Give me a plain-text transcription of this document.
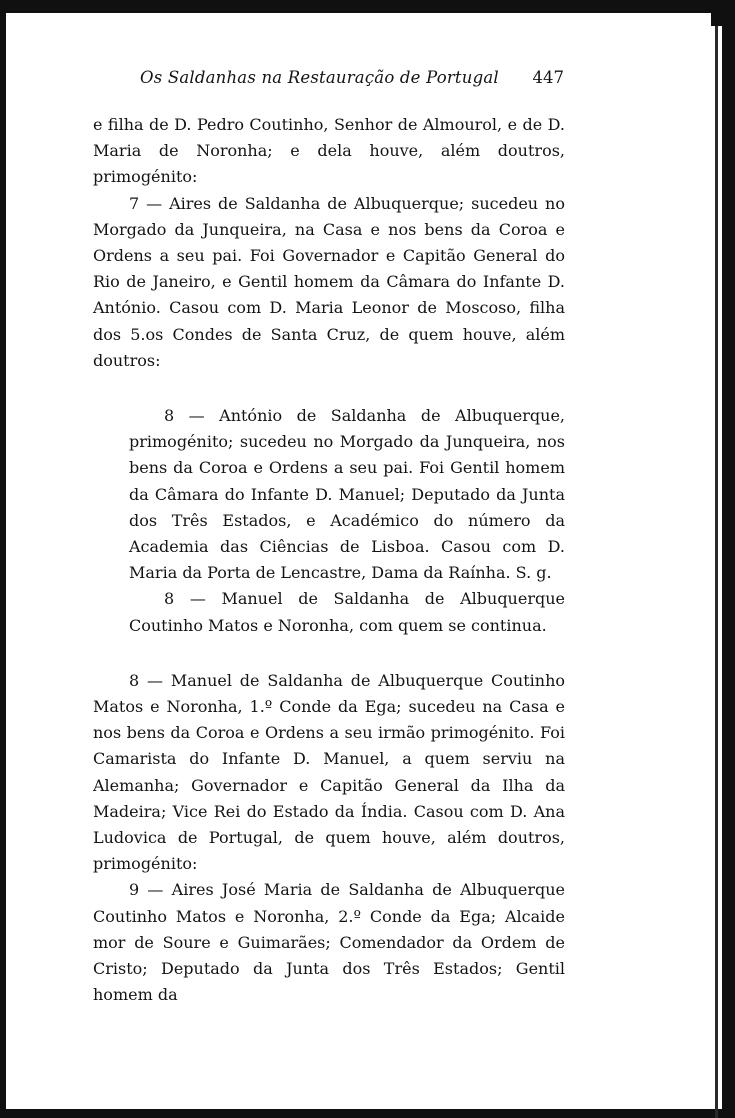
Os Saldanhas na Restauração de Portugal 447

e filha de D. Pedro Coutinho, Senhor de Almourol, e de D. Maria de Noronha; e dela houve, além doutros, primogénito:

7 — Aires de Saldanha de Albuquerque; sucedeu no Morgado da Junqueira, na Casa e nos bens da Coroa e Ordens a seu pai. Foi Governador e Capitão General do Rio de Janeiro, e Gentil homem da Câmara do Infante D. António. Casou com D. Maria Leonor de Moscoso, filha dos 5.os Condes de Santa Cruz, de quem houve, além doutros:

8 — António de Saldanha de Albuquerque, primogénito; sucedeu no Morgado da Junqueira, nos bens da Coroa e Ordens a seu pai. Foi Gentil homem da Câmara do Infante D. Manuel; Deputado da Junta dos Três Estados, e Académico do número da Academia das Ciências de Lisboa. Casou com D. Maria da Porta de Lencastre, Dama da Raínha. S. g.

8 — Manuel de Saldanha de Albuquerque Coutinho Matos e Noronha, com quem se continua.

8 — Manuel de Saldanha de Albuquerque Coutinho Matos e Noronha, 1.º Conde da Ega; sucedeu na Casa e nos bens da Coroa e Ordens a seu irmão primogénito. Foi Camarista do Infante D. Manuel, a quem serviu na Alemanha; Governador e Capitão General da Ilha da Madeira; Vice Rei do Estado da Índia. Casou com D. Ana Ludovica de Portugal, de quem houve, além doutros, primogénito:

9 — Aires José Maria de Saldanha de Albuquerque Coutinho Matos e Noronha, 2.º Conde da Ega; Alcaide mor de Soure e Guimarães; Comendador da Ordem de Cristo; Deputado da Junta dos Três Estados; Gentil homem da
